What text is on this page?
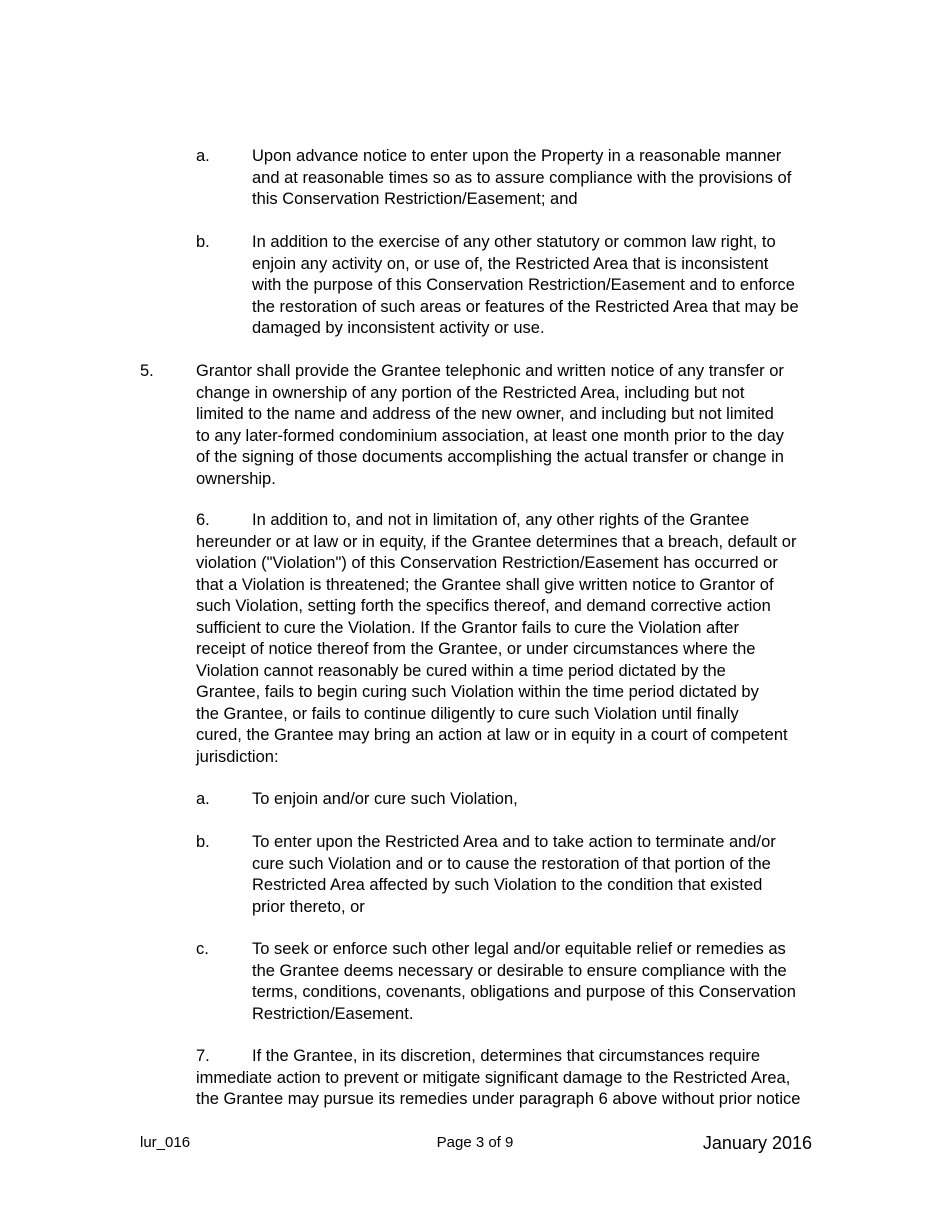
a.	Upon advance notice to enter upon the Property in a reasonable manner
and at reasonable times so as to assure compliance with the provisions of
this Conservation Restriction/Easement; and
b.	In addition to the exercise of any other statutory or common law right, to
enjoin any activity on, or use of, the Restricted Area that is inconsistent
with the purpose of this Conservation Restriction/Easement and to enforce
the restoration of such areas or features of the Restricted Area that may be
damaged by inconsistent activity or use.
5.	Grantor shall provide the Grantee telephonic and written notice of any transfer or
change in ownership of any portion of the Restricted Area, including but not
limited to the name and address of the new owner, and including but not limited
to any later-formed condominium association, at least one month prior to the day
of the signing of those documents accomplishing the actual transfer or change in
ownership.
6.	In addition to, and not in limitation of, any other rights of the Grantee
hereunder or at law or in equity, if the Grantee determines that a breach, default or
violation ("Violation") of this Conservation Restriction/Easement has occurred or
that a Violation is threatened; the Grantee shall give written notice to Grantor of
such Violation, setting forth the specifics thereof, and demand corrective action
sufficient to cure the Violation. If the Grantor fails to cure the Violation after
receipt of notice thereof from the Grantee, or under circumstances where the
Violation cannot reasonably be cured within a time period dictated by the
Grantee, fails to begin curing such Violation within the time period dictated by
the Grantee, or fails to continue diligently to cure such Violation until finally
cured, the Grantee may bring an action at law or in equity in a court of competent
jurisdiction:
a.	To enjoin and/or cure such Violation,
b.	To enter upon the Restricted Area and to take action to terminate and/or
cure such Violation and or to cause the restoration of that portion of the
Restricted Area affected by such Violation to the condition that existed
prior thereto, or
c.	To seek or enforce such other legal and/or equitable relief or remedies as
the Grantee deems necessary or desirable to ensure compliance with the
terms, conditions, covenants, obligations and purpose of this Conservation
Restriction/Easement.
7.	If the Grantee, in its discretion, determines that circumstances require
immediate action to prevent or mitigate significant damage to the Restricted Area,
the Grantee may pursue its remedies under paragraph 6 above without prior notice
lur_016	Page 3 of 9	January 2016
